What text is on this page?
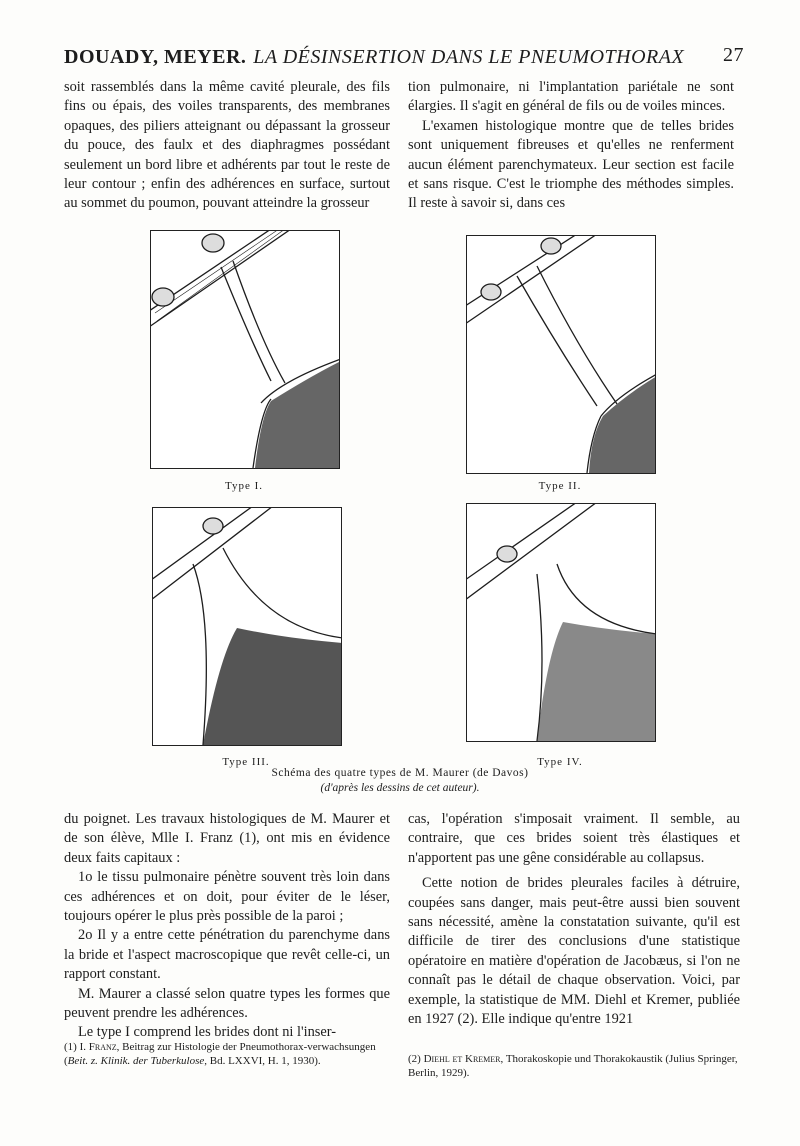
DOUADY, MEYER. LA DÉSINSERTION DANS LE PNEUMOTHORAX 27

soit rassemblés dans la même cavité pleurale, des fils fins ou épais, des voiles transparents, des membranes opaques, des piliers atteignant ou dépassant la grosseur du pouce, des faulx et des diaphragmes possédant seulement un bord libre et adhérents par tout le reste de leur contour ; enfin des adhérences en surface, surtout au sommet du poumon, pouvant atteindre la grosseur

tion pulmonaire, ni l'implantation pariétale ne sont élargies. Il s'agit en général de fils ou de voiles minces.

L'examen histologique montre que de telles brides sont uniquement fibreuses et qu'elles ne renferment aucun élément parenchymateux. Leur section est facile et sans risque. C'est le triomphe des méthodes simples. Il reste à savoir si, dans ces

Type I.	Type II.
Type III.	Type IV.
Schéma des quatre types de M. Maurer (de Davos)
(d'après les dessins de cet auteur).

du poignet. Les travaux histologiques de M. Maurer et de son élève, Mlle I. Franz (1), ont mis en évidence deux faits capitaux :

1o le tissu pulmonaire pénètre souvent très loin dans ces adhérences et on doit, pour éviter de le léser, toujours opérer le plus près possible de la paroi ;

2o Il y a entre cette pénétration du parenchyme dans la bride et l'aspect macroscopique que revêt celle-ci, un rapport constant.

M. Maurer a classé selon quatre types les formes que peuvent prendre les adhérences.

Le type I comprend les brides dont ni l'inser-

cas, l'opération s'imposait vraiment. Il semble, au contraire, que ces brides soient très élastiques et n'apportent pas une gêne considérable au collapsus.

Cette notion de brides pleurales faciles à détruire, coupées sans danger, mais peut-être aussi bien souvent sans nécessité, amène la constatation suivante, qu'il est difficile de tirer des conclusions d'une statistique opératoire en matière d'opération de Jacobæus, si l'on ne connaît pas le détail de chaque observation. Voici, par exemple, la statistique de MM. Diehl et Kremer, publiée en 1927 (2). Elle indique qu'entre 1921

(1) I. Franz, Beitrag zur Histologie der Pneumothorax-verwachsungen (Beit. z. Klinik. der Tuberkulose, Bd. LXXVI, H. 1, 1930).	(2) Diehl et Kremer, Thorakoskopie und Thorakokaustik (Julius Springer, Berlin, 1929).
